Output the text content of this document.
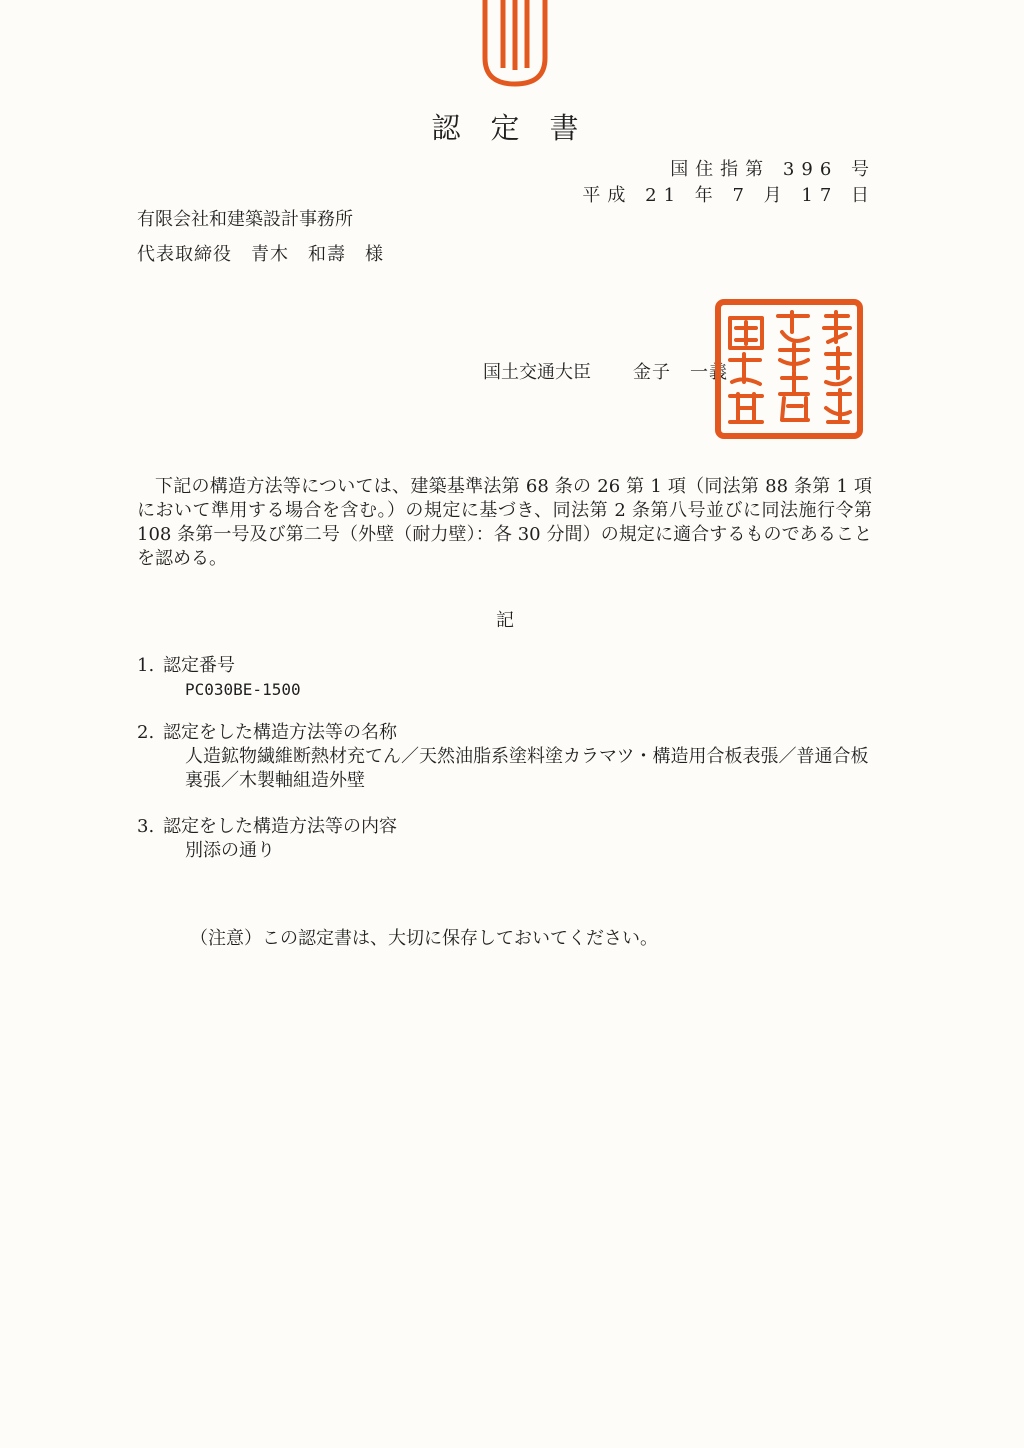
認定書
国住指第 396 号
平成 21 年 7 月 17 日
有限会社和建築設計事務所
代表取締役　青木　和壽　様
国土交通大臣 金子　一義
下記の構造方法等については、建築基準法第 68 条の 26 第 1 項（同法第 88 条第 1 項において準用する場合を含む。）の規定に基づき、同法第 2 条第八号並びに同法施行令第 108 条第一号及び第二号（外壁（耐力壁）：各 30 分間）の規定に適合するものであることを認める。
記
1. 認定番号
PC030BE-1500
2. 認定をした構造方法等の名称
人造鉱物繊維断熱材充てん／天然油脂系塗料塗カラマツ・構造用合板表張／普通合板裏張／木製軸組造外壁
3. 認定をした構造方法等の内容
別添の通り
（注意）この認定書は、大切に保存しておいてください。
